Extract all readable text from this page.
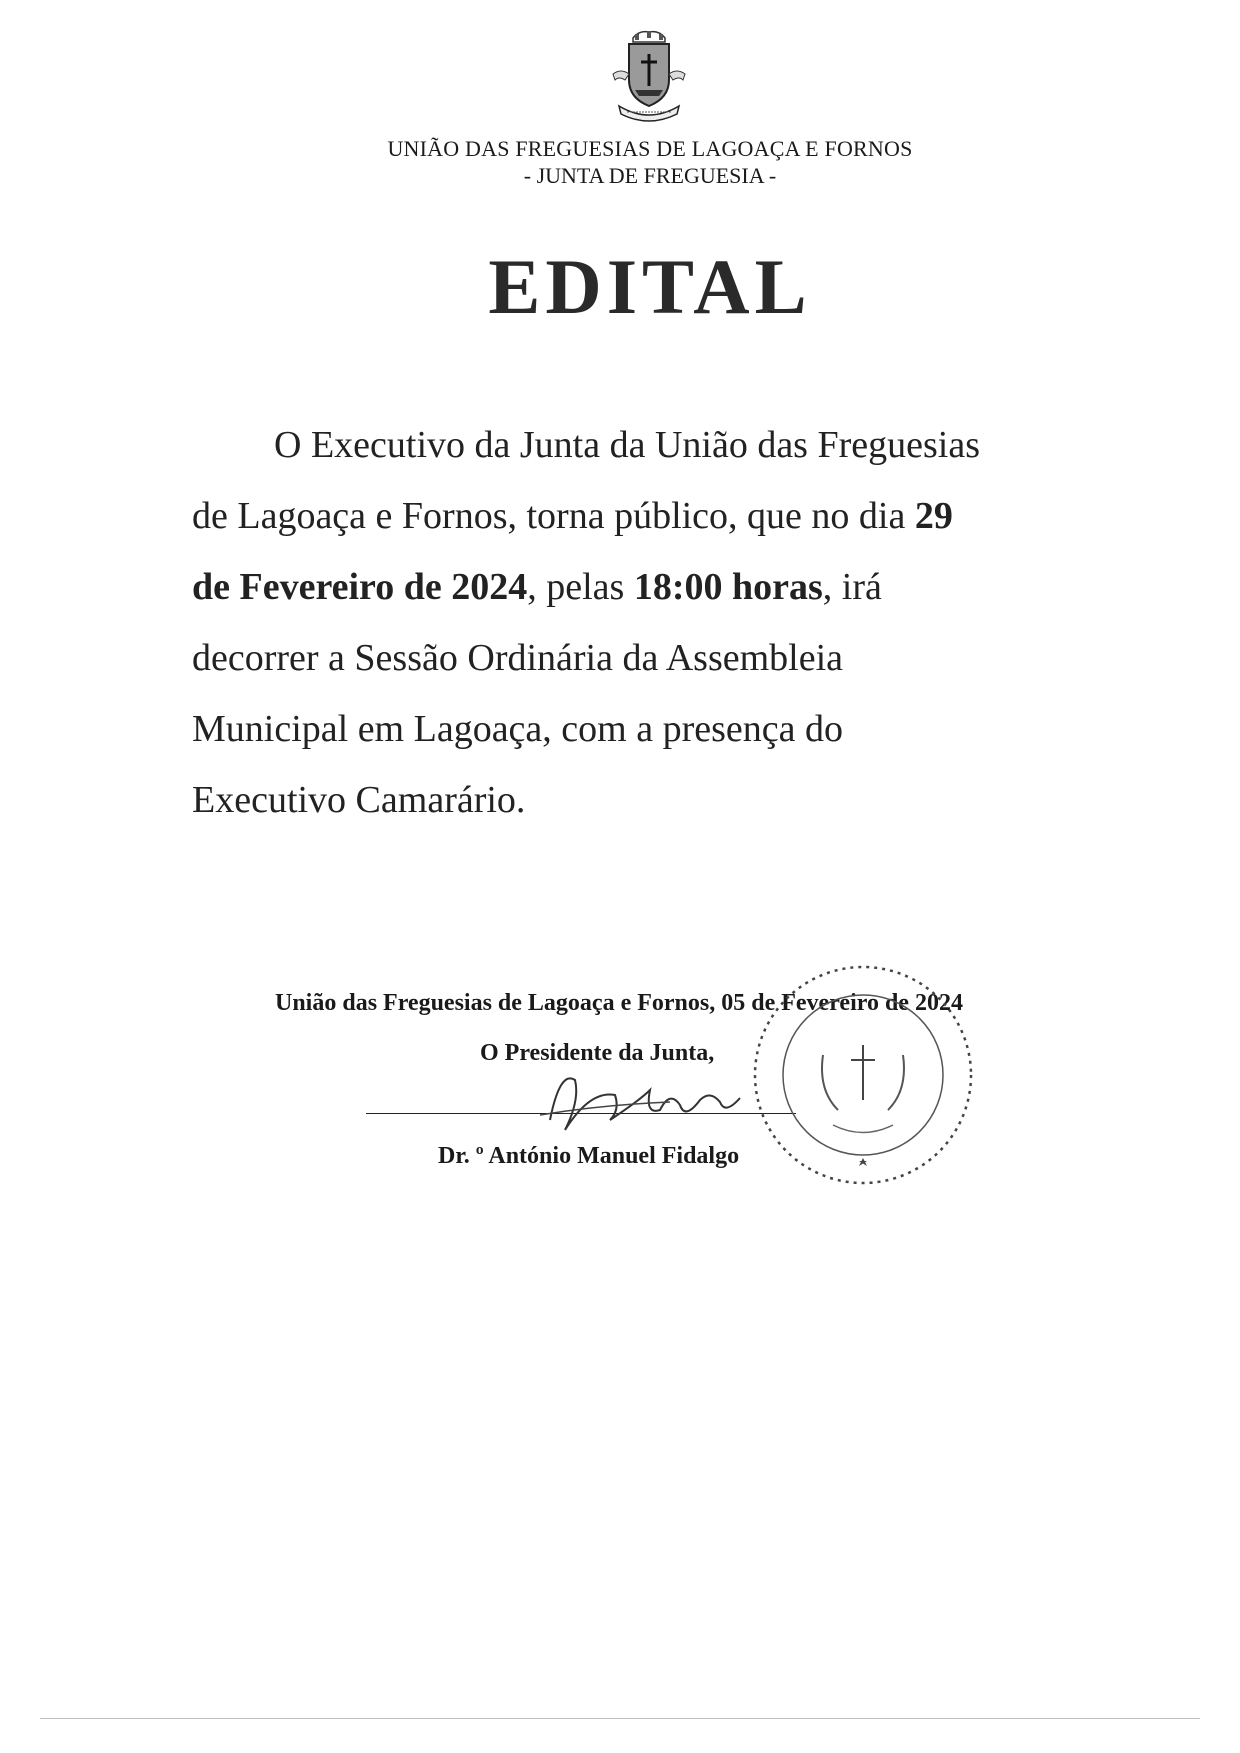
UNIÃO DAS FREGUESIAS DE LAGOAÇA E FORNOS
- JUNTA DE FREGUESIA -
EDITAL
O Executivo da Junta da União das Freguesias
de Lagoaça e Fornos, torna público, que no dia 29
de Fevereiro de 2024, pelas 18:00 horas, irá
decorrer a Sessão Ordinária da Assembleia
Municipal em Lagoaça, com a presença do
Executivo Camarário.
União das Freguesias de Lagoaça e Fornos, 05 de Fevereiro de 2024
O Presidente da Junta,
Dr. º António Manuel Fidalgo
